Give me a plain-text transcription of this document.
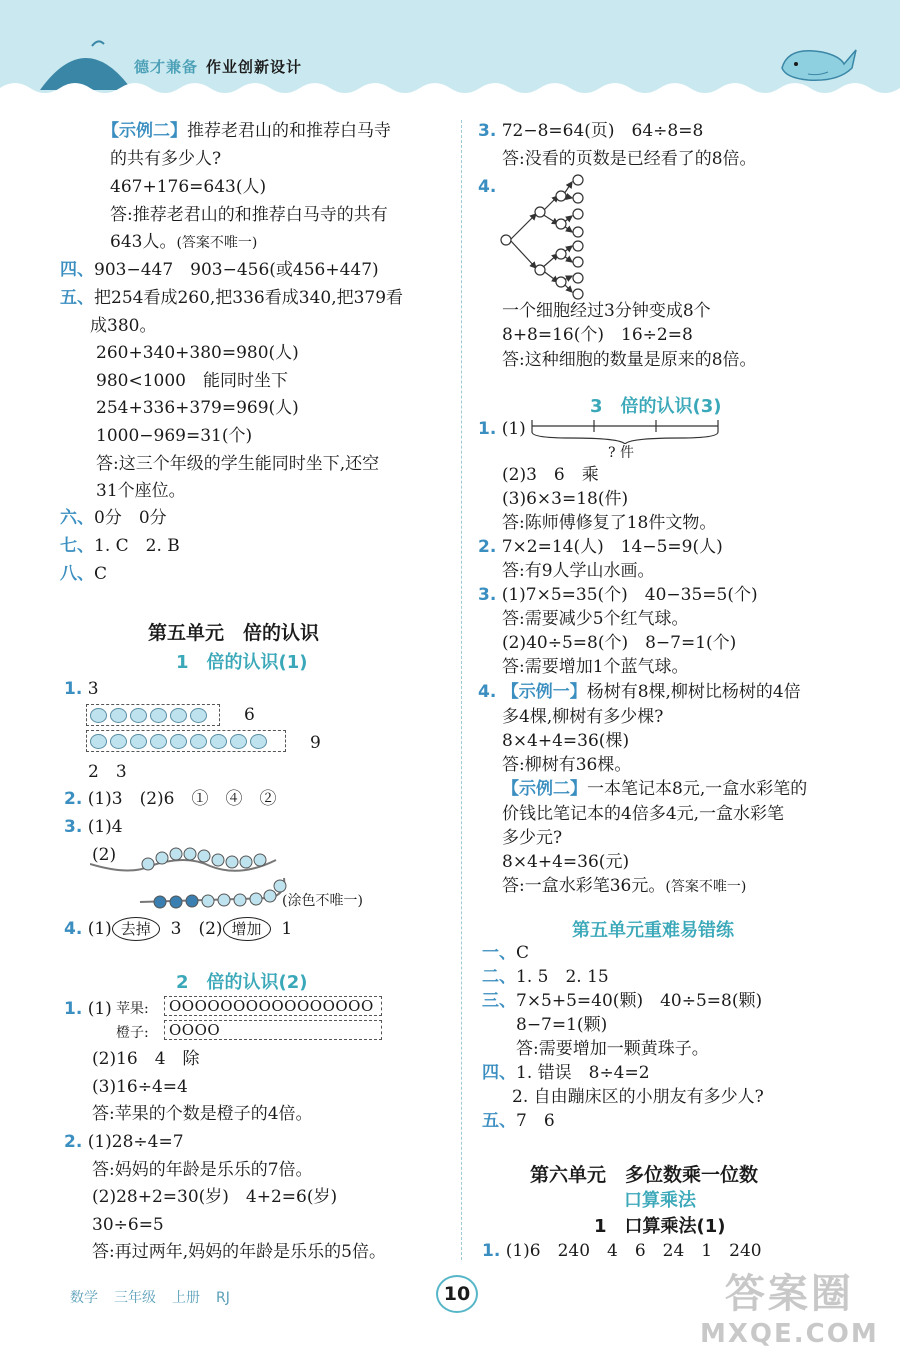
德才兼备 作业创新设计
【示例二】推荐老君山的和推荐白马寺
的共有多少人?
467+176=643(人)
答:推荐老君山的和推荐白马寺的共有
643人。(答案不唯一)
四、903−447　903−456(或456+447)
五、把254看成260,把336看成340,把379看
成380。
260+340+380=980(人)
980<1000　能同时坐下
254+336+379=969(人)
1000−969=31(个)
答:这三个年级的学生能同时坐下,还空
31个座位。
六、0分　0分
七、1. C　2. B
八、C
第五单元　倍的认识
1　倍的认识(1)
1. 3
6
9
2　3
2. (1)3　(2)6　①　④　②
3. (1)4
(2)
(涂色不唯一)
4. (1) 去掉 3　(2) 增加 1
2　倍的认识(2)
1. (1) 苹果:	OOOOOOOOOOOOOOOO
橙子:	OOOO
(2)16　4　除
(3)16÷4=4
答:苹果的个数是橙子的4倍。
2. (1)28÷4=7
答:妈妈的年龄是乐乐的7倍。
(2)28+2=30(岁)　4+2=6(岁)
30÷6=5
答:再过两年,妈妈的年龄是乐乐的5倍。
3. 72−8=64(页)　64÷8=8
答:没看的页数是已经看了的8倍。
4.
一个细胞经过3分钟变成8个
8+8=16(个)　16÷2=8
答:这种细胞的数量是原来的8倍。
3　倍的认识(3)
1. (1)
? 件
(2)3　6　乘
(3)6×3=18(件)
答:陈师傅修复了18件文物。
2. 7×2=14(人)　14−5=9(人)
答:有9人学山水画。
3. (1)7×5=35(个)　40−35=5(个)
答:需要减少5个红气球。
(2)40÷5=8(个)　8−7=1(个)
答:需要增加1个蓝气球。
4. 【示例一】杨树有8棵,柳树比杨树的4倍
多4棵,柳树有多少棵?
8×4+4=36(棵)
答:柳树有36棵。
【示例二】一本笔记本8元,一盒水彩笔的
价钱比笔记本的4倍多4元,一盒水彩笔
多少元?
8×4+4=36(元)
答:一盒水彩笔36元。(答案不唯一)
第五单元重难易错练
一、C
二、1. 5　2. 15
三、7×5+5=40(颗)　40÷5=8(颗)
8−7=1(颗)
答:需要增加一颗黄珠子。
四、1. 错误　8÷4=2
2. 自由蹦床区的小朋友有多少人?
五、7　6
第六单元　多位数乘一位数
口算乘法
1　口算乘法(1)
1. (1)6　240　4　6　24　1　240
数学 三年级 上册 RJ	10	答案圈
MXQE.COM
